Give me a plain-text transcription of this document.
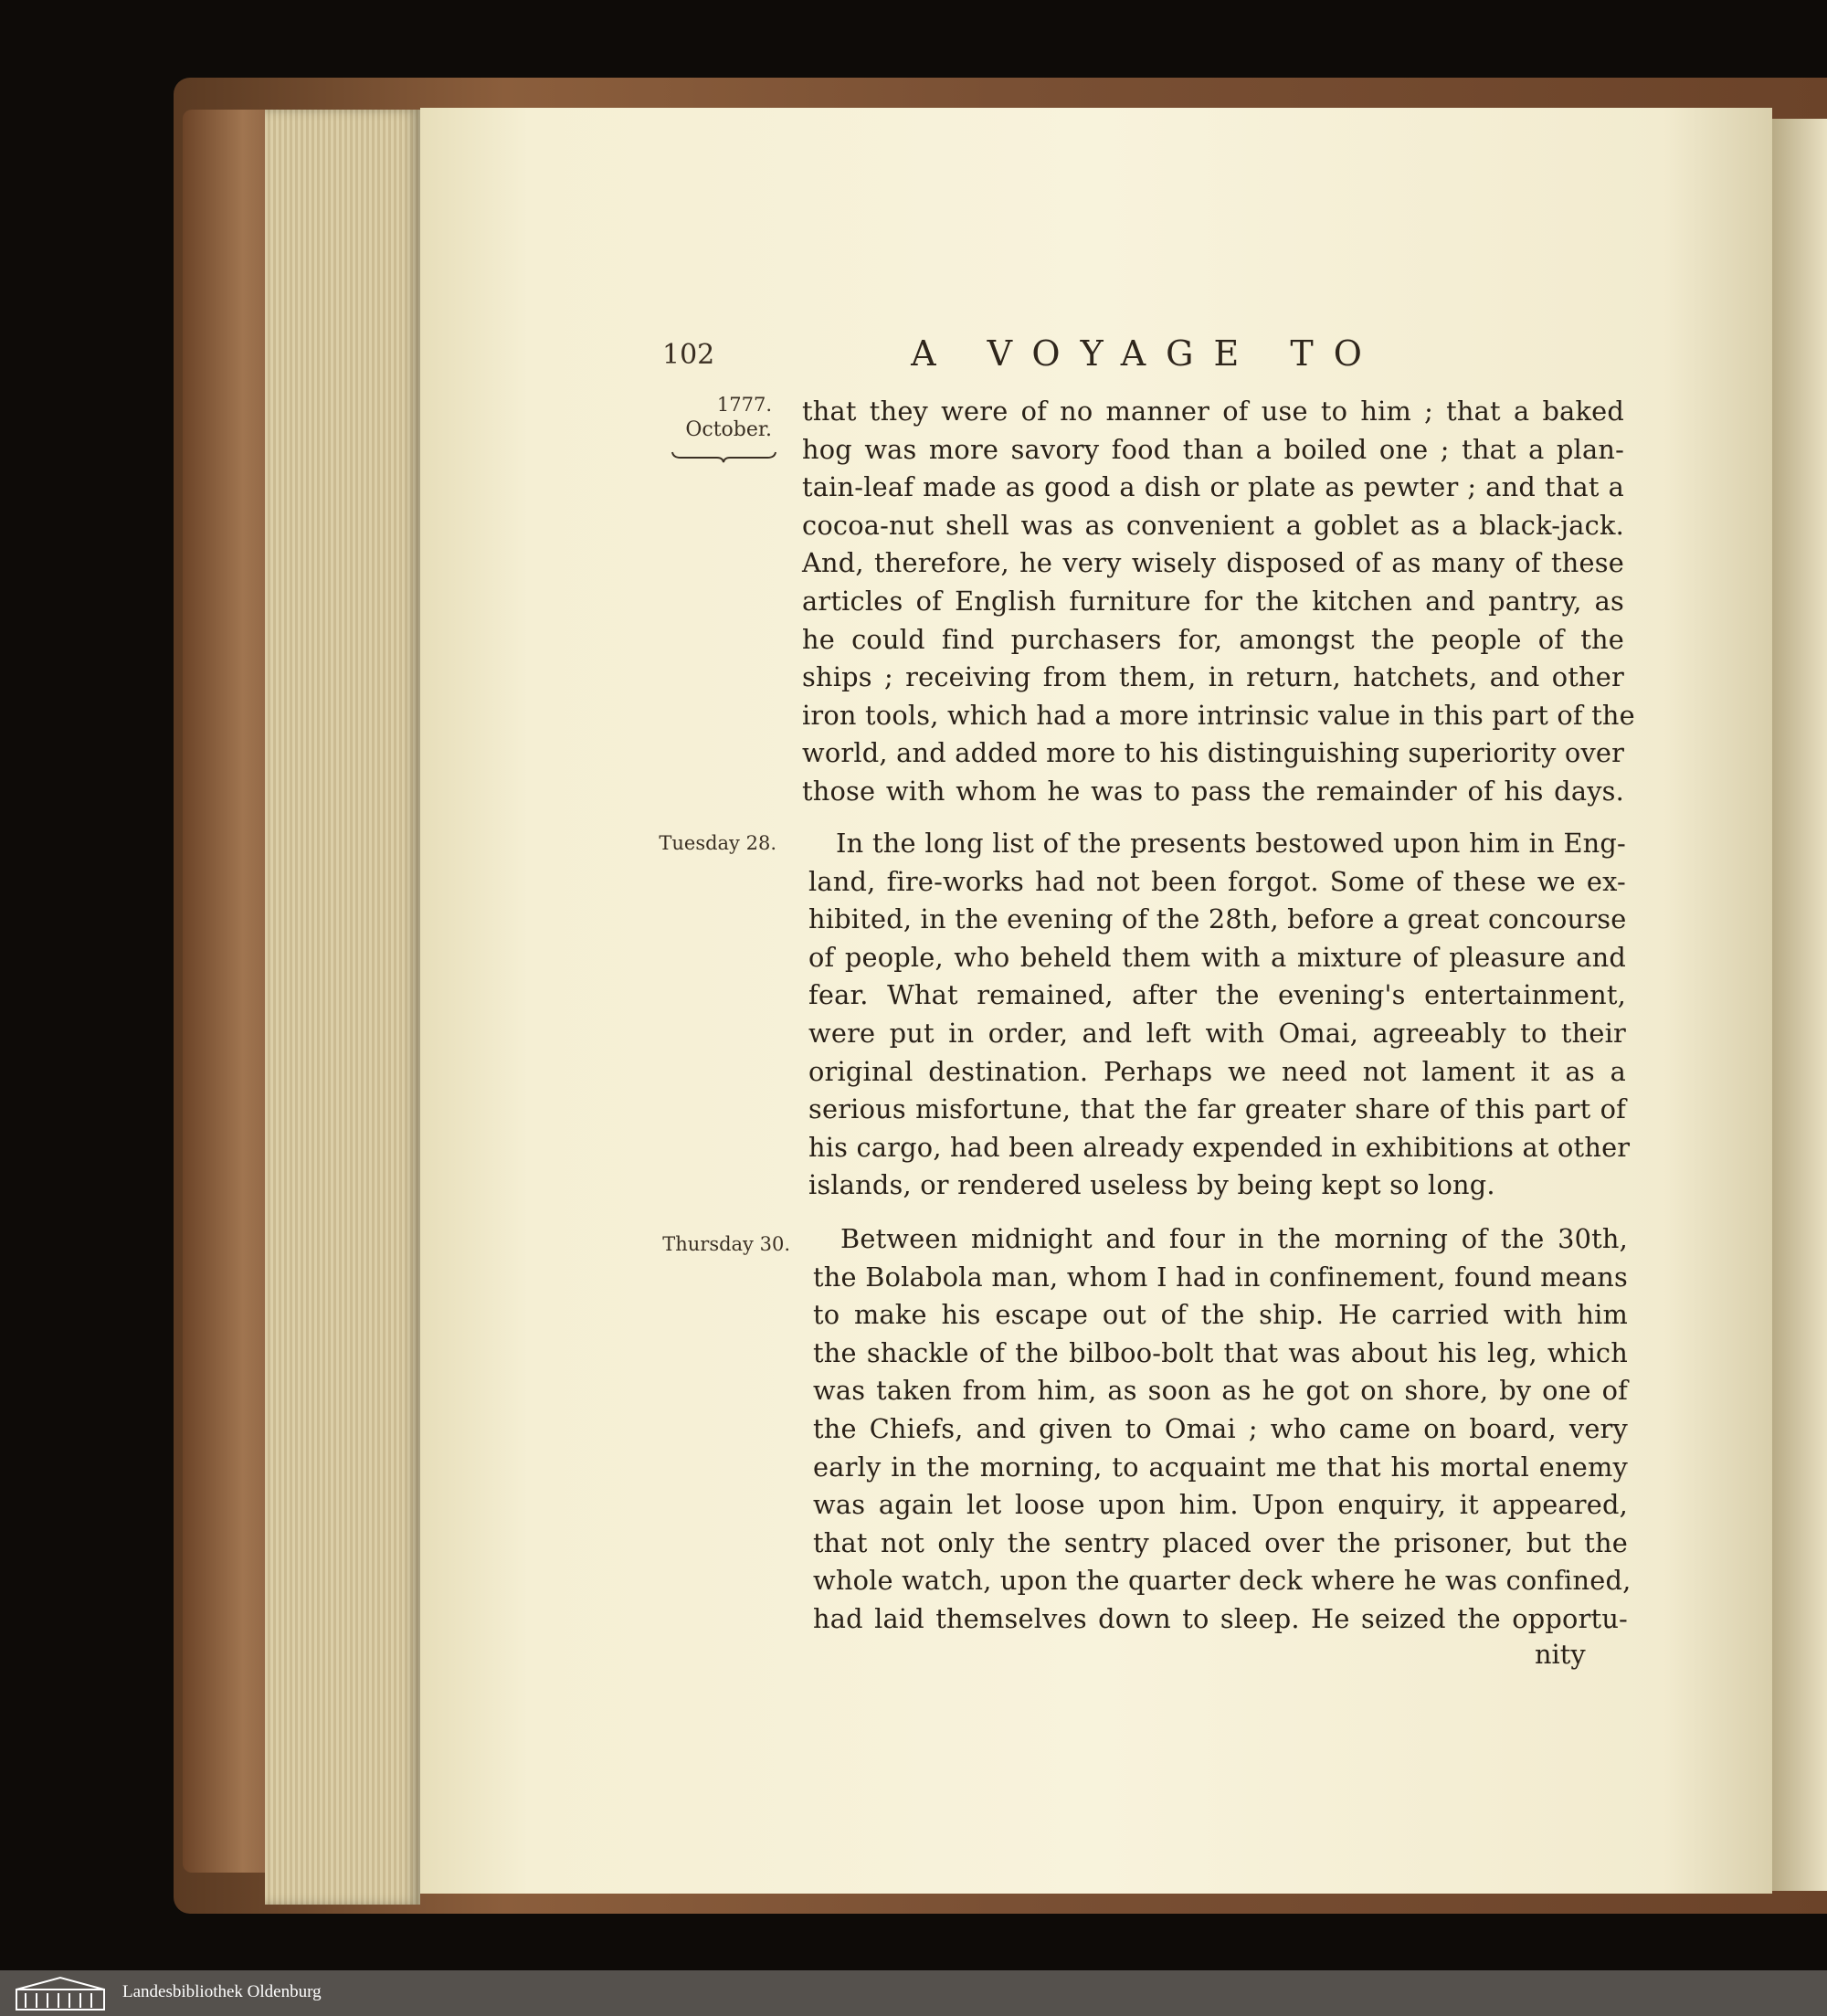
102	A VOYAGE TO
1777.
October.
Tuesday 28.
Thursday 30.
that they were of no manner of use to him ; that a baked
hog was more savory food than a boiled one ; that a plan-
tain-leaf made as good a dish or plate as pewter ; and that a
cocoa-nut shell was as convenient a goblet as a black-jack.
And, therefore, he very wisely disposed of as many of these
articles of English furniture for the kitchen and pantry, as
he could find purchasers for, amongst the people of the
ships ; receiving from them, in return, hatchets, and other
iron tools, which had a more intrinsic value in this part of the
world, and added more to his distinguishing superiority over
those with whom he was to pass the remainder of his days.
In the long list of the presents bestowed upon him in Eng-
land, fire-works had not been forgot. Some of these we ex-
hibited, in the evening of the 28th, before a great concourse
of people, who beheld them with a mixture of pleasure and
fear. What remained, after the evening's entertainment,
were put in order, and left with Omai, agreeably to their
original destination. Perhaps we need not lament it as a
serious misfortune, that the far greater share of this part of
his cargo, had been already expended in exhibitions at other
islands, or rendered useless by being kept so long.
Between midnight and four in the morning of the 30th,
the Bolabola man, whom I had in confinement, found means
to make his escape out of the ship. He carried with him
the shackle of the bilboo-bolt that was about his leg, which
was taken from him, as soon as he got on shore, by one of
the Chiefs, and given to Omai ; who came on board, very
early in the morning, to acquaint me that his mortal enemy
was again let loose upon him. Upon enquiry, it appeared,
that not only the sentry placed over the prisoner, but the
whole watch, upon the quarter deck where he was confined,
had laid themselves down to sleep. He seized the opportu-
nity
Landesbibliothek Oldenburg
